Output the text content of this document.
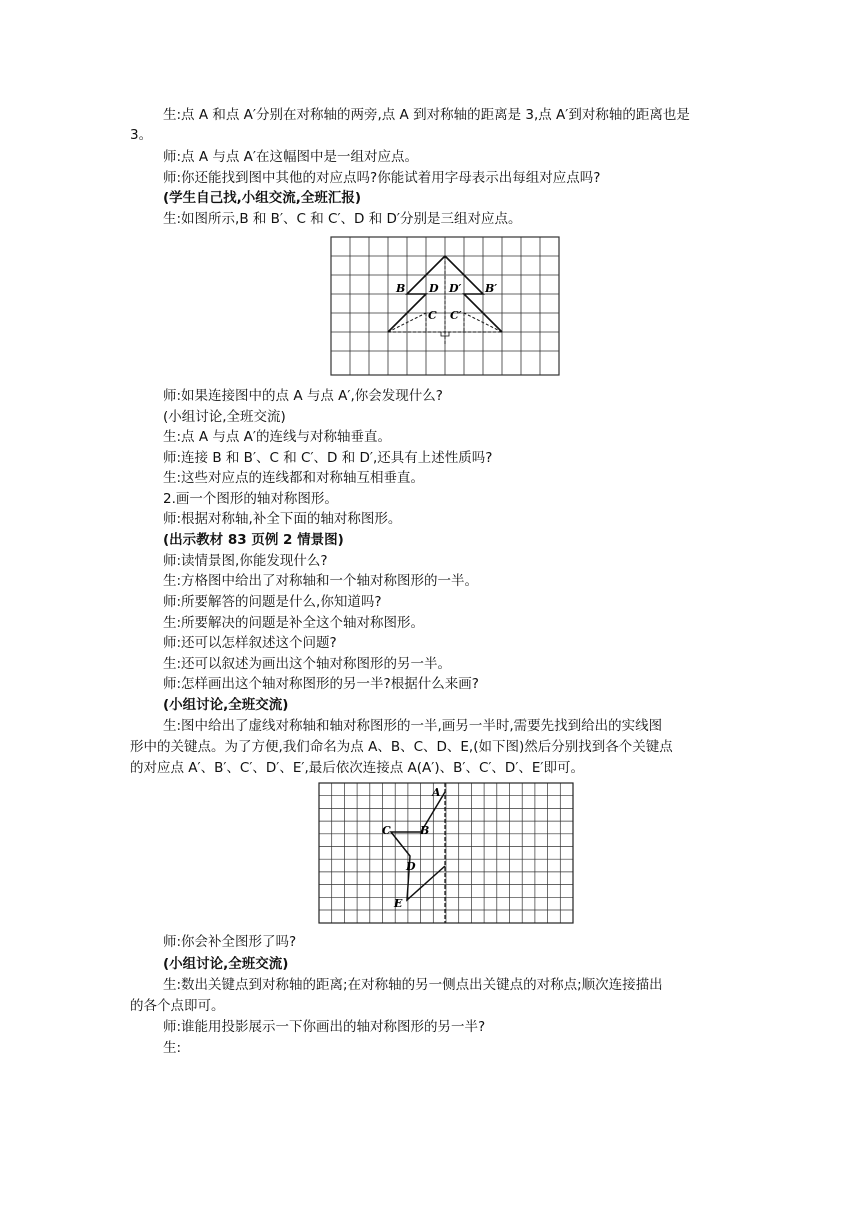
生:点 A 和点 A′分别在对称轴的两旁,点 A 到对称轴的距离是 3,点 A′到对称轴的距离也是
3。
师:点 A 与点 A′在这幅图中是一组对应点。
师:你还能找到图中其他的对应点吗?你能试着用字母表示出每组对应点吗?
(学生自己找,小组交流,全班汇报)
生:如图所示,B 和 B′、C 和 C′、D 和 D′分别是三组对应点。
B D D′ B′
C C′
师:如果连接图中的点 A 与点 A′,你会发现什么?
(小组讨论,全班交流)
生:点 A 与点 A′的连线与对称轴垂直。
师:连接 B 和 B′、C 和 C′、D 和 D′,还具有上述性质吗?
生:这些对应点的连线都和对称轴互相垂直。
2.画一个图形的轴对称图形。
师:根据对称轴,补全下面的轴对称图形。
(出示教材 83 页例 2 情景图)
师:读情景图,你能发现什么?
生:方格图中给出了对称轴和一个轴对称图形的一半。
师:所要解答的问题是什么,你知道吗?
生:所要解决的问题是补全这个轴对称图形。
师:还可以怎样叙述这个问题?
生:还可以叙述为画出这个轴对称图形的另一半。
师:怎样画出这个轴对称图形的另一半?根据什么来画?
(小组讨论,全班交流)
生:图中给出了虚线对称轴和轴对称图形的一半,画另一半时,需要先找到给出的实线图
形中的关键点。为了方便,我们命名为点 A、B、C、D、E,(如下图)然后分别找到各个关键点
的对应点 A′、B′、C′、D′、E′,最后依次连接点 A(A′)、B′、C′、D′、E′即可。
A
B
C
D
E
师:你会补全图形了吗?
(小组讨论,全班交流)
生:数出关键点到对称轴的距离;在对称轴的另一侧点出关键点的对称点;顺次连接描出
的各个点即可。
师:谁能用投影展示一下你画出的轴对称图形的另一半?
生:
